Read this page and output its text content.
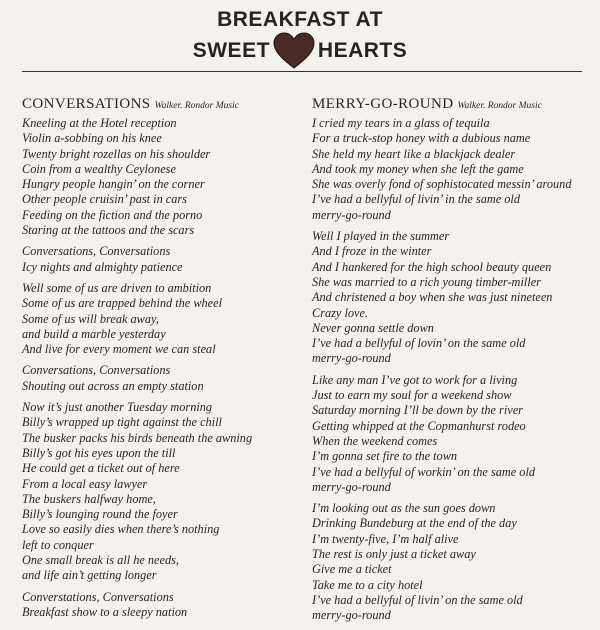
BREAKFAST AT
SWEET HEARTS
CONVERSATIONS Walker. Rondor Music
Kneeling at the Hotel reception
Violin a-sobbing on his knee
Twenty bright rozellas on his shoulder
Coin from a wealthy Ceylonese
Hungry people hangin’ on the corner
Other people cruisin’ past in cars
Feeding on the fiction and the porno
Staring at the tattoos and the scars
Conversations, Conversations
Icy nights and almighty patience
Well some of us are driven to ambition
Some of us are trapped behind the wheel
Some of us will break away,
and build a marble yesterday
And live for every moment we can steal
Conversations, Conversations
Shouting out across an empty station
Now it’s just another Tuesday morning
Billy’s wrapped up tight against the chill
The busker packs his birds beneath the awning
Billy’s got his eyes upon the till
He could get a ticket out of here
From a local easy lawyer
The buskers halfway home,
Billy’s lounging round the foyer
Love so easily dies when there’s nothing
left to conquer
One small break is all he needs,
and life ain’t getting longer
Converstations, Conversations
Breakfast show to a sleepy nation
MERRY-GO-ROUND Walker. Rondor Music
I cried my tears in a glass of tequila
For a truck-stop honey with a dubious name
She held my heart like a blackjack dealer
And took my money when she left the game
She was overly fond of sophistocated messin’ around
I’ve had a bellyful of livin’ in the same old
merry-go-round
Well I played in the summer
And I froze in the winter
And I hankered for the high school beauty queen
She was married to a rich young timber-miller
And christened a boy when she was just nineteen
Crazy love.
Never gonna settle down
I’ve had a bellyful of lovin’ on the same old
merry-go-round
Like any man I’ve got to work for a living
Just to earn my soul for a weekend show
Saturday morning I’ll be down by the river
Getting whipped at the Copmanhurst rodeo
When the weekend comes
I’m gonna set fire to the town
I’ve had a bellyful of workin’ on the same old
merry-go-round
I’m looking out as the sun goes down
Drinking Bundeburg at the end of the day
I’m twenty-five, I’m half alive
The rest is only just a ticket away
Give me a ticket
Take me to a city hotel
I’ve had a bellyful of livin’ on the same old
merry-go-round
